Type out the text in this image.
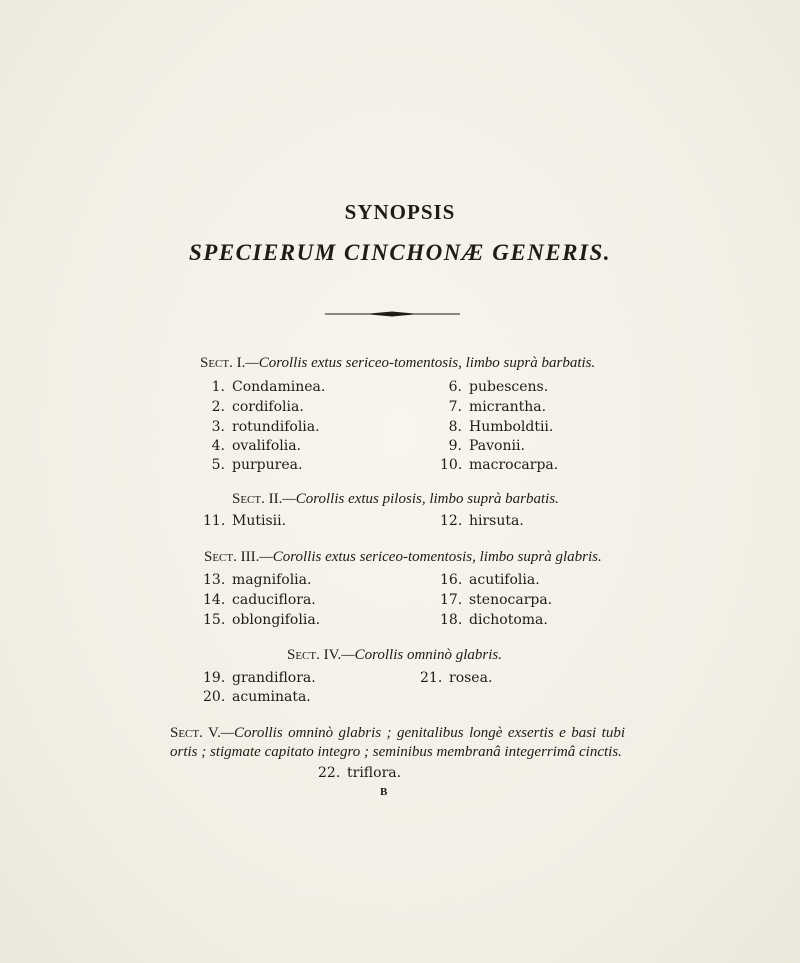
SYNOPSIS
SPECIERUM CINCHONÆ GENERIS.
Sect. I.—Corollis extus sericeo-tomentosis, limbo suprà barbatis.
1. Condaminea.
2. cordifolia.
3. rotundifolia.
4. ovalifolia.
5. purpurea.
6. pubescens.
7. micrantha.
8. Humboldtii.
9. Pavonii.
10. macrocarpa.
Sect. II.—Corollis extus pilosis, limbo suprà barbatis.
11. Mutisii.	12. hirsuta.
Sect. III.—Corollis extus sericeo-tomentosis, limbo suprà glabris.
13. magnifolia.
14. caduciflora.
15. oblongifolia.
16. acutifolia.
17. stenocarpa.
18. dichotoma.
Sect. IV.—Corollis omninò glabris.
19. grandiflora.
20. acuminata.
21. rosea.
Sect. V.—Corollis omninò glabris ; genitalibus longè exsertis e basi tubi
ortis ; stigmate capitato integro ; seminibus membranâ integerrimâ cinctis.
22. triflora.
B
